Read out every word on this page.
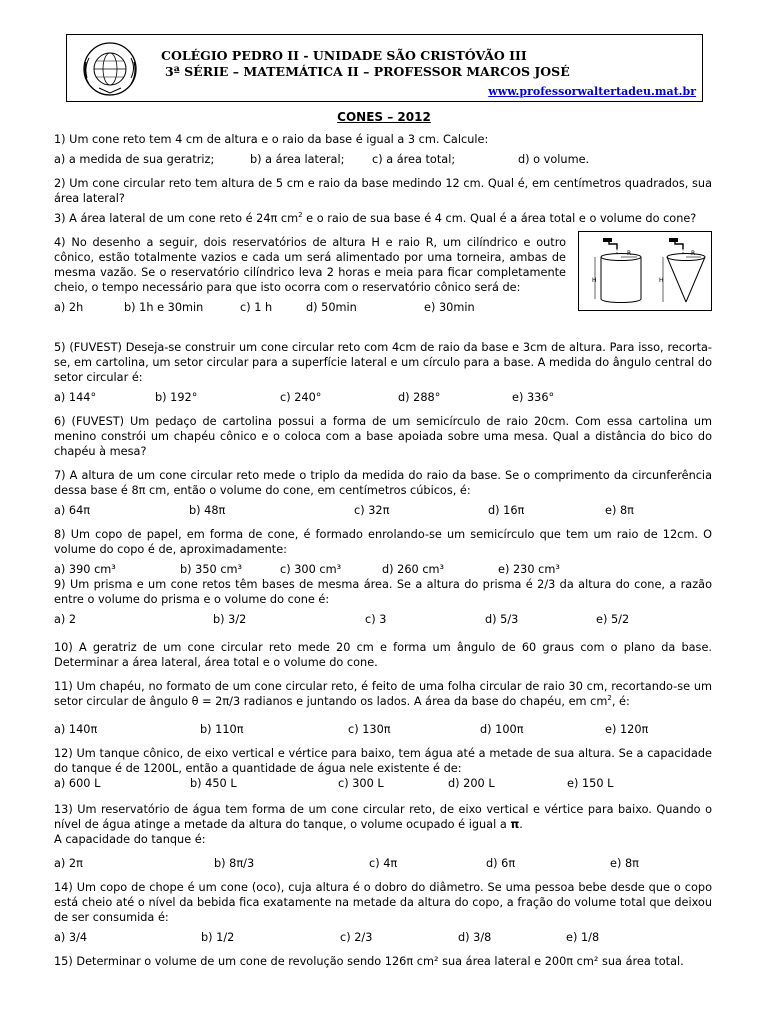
COLÉGIO PEDRO II - UNIDADE SÃO CRISTÓVÃO III
3ª SÉRIE – MATEMÁTICA II – PROFESSOR MARCOS JOSÉ
www.professorwaltertadeu.mat.br
CONES – 2012

1) Um cone reto tem 4 cm de altura e o raio da base é igual a 3 cm. Calcule:

a) a medida de sua geratriz;	b) a área lateral; c) a área total;	d) o volume.

2) Um cone circular reto tem altura de 5 cm e raio da base medindo 12 cm. Qual é, em centímetros quadrados, sua área lateral?

3) A área lateral de um cone reto é 24π $cm^2$ e o raio de sua base é 4 cm. Qual é a área total e o volume do cone?

4) No desenho a seguir, dois reservatórios de altura H e raio R, um cilíndrico e outro cônico, estão totalmente vazios e cada um será alimentado por uma torneira, ambas de mesma vazão. Se o reservatório cilíndrico leva 2 horas e meia para ficar completamente cheio, o tempo necessário para que isto ocorra com o reservatório cônico será de:

a) 2h	b) 1h e 30min	c) 1 h	d) 50min	e) 30min
H
R
H
R

5) (FUVEST) Deseja-se construir um cone circular reto com 4cm de raio da base e 3cm de altura. Para isso, recorta-se, em cartolina, um setor circular para a superfície lateral e um círculo para a base. A medida do ângulo central do setor circular é:

a) 144°	b) 192°	c) 240°	d) 288°	e) 336°

6) (FUVEST) Um pedaço de cartolina possui a forma de um semicírculo de raio 20cm. Com essa cartolina um menino constrói um chapéu cônico e o coloca com a base apoiada sobre uma mesa. Qual a distância do bico do chapéu à mesa?

7) A altura de um cone circular reto mede o triplo da medida do raio da base. Se o comprimento da circunferência dessa base é 8π cm, então o volume do cone, em centímetros cúbicos, é:

a) 64π	b) 48π	c) 32π	d) 16π	e) 8π

8) Um copo de papel, em forma de cone, é formado enrolando-se um semicírculo que tem um raio de 12cm. O volume do copo é de, aproximadamente:

a) 390 cm³	b) 350 cm³	c) 300 cm³	d) 260 cm³	e) 230 cm³

9) Um prisma e um cone retos têm bases de mesma área. Se a altura do prisma é 2/3 da altura do cone, a razão entre o volume do prisma e o volume do cone é:

a) 2	b) 3/2	c) 3	d) 5/3	e) 5/2

10) A geratriz de um cone circular reto mede 20 cm e forma um ângulo de 60 graus com o plano da base. Determinar a área lateral, área total e o volume do cone.

11) Um chapéu, no formato de um cone circular reto, é feito de uma folha circular de raio 30 cm, recortando-se um setor circular de ângulo θ = 2π/3 radianos e juntando os lados. A área da base do chapéu, em $cm^2$, é:

a) 140π	b) 110π	c) 130π	d) 100π	e) 120π

12) Um tanque cônico, de eixo vertical e vértice para baixo, tem água até a metade de sua altura. Se a capacidade do tanque é de 1200L, então a quantidade de água nele existente é de:

a) 600 L	b) 450 L	c) 300 L	d) 200 L	e) 150 L

13) Um reservatório de água tem forma de um cone circular reto, de eixo vertical e vértice para baixo. Quando o nível de água atinge a metade da altura do tanque, o volume ocupado é igual a π.

A capacidade do tanque é:

a) 2π	b) 8π/3	c) 4π	d) 6π	e) 8π

14) Um copo de chope é um cone (oco), cuja altura é o dobro do diâmetro. Se uma pessoa bebe desde que o copo está cheio até o nível da bebida fica exatamente na metade da altura do copo, a fração do volume total que deixou de ser consumida é:

a) 3/4	b) 1/2	c) 2/3	d) 3/8	e) 1/8

15) Determinar o volume de um cone de revolução sendo 126π cm² sua área lateral e 200π cm² sua área total.
